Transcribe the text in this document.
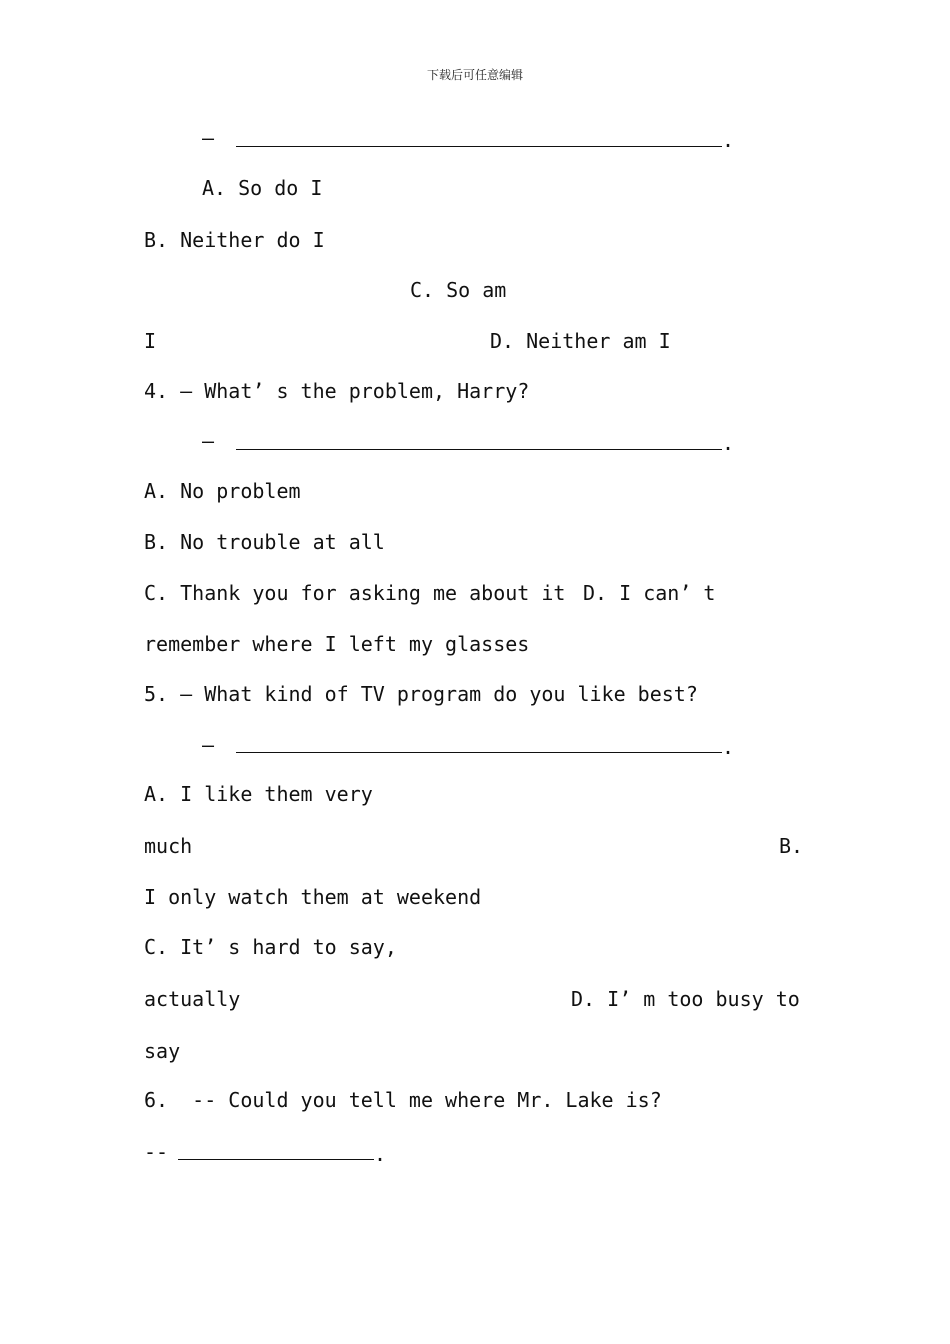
下载后可任意编辑
—	.
A. So do I
B. Neither do I
C. So am
I	D. Neither am I
4. — What’ s the problem, Harry?
—	.
A. No problem
B. No trouble at all
C. Thank you for asking me about it D. I can’ t
remember where I left my glasses
5. — What kind of TV program do you like best?
—	.
A. I like them very
much	B.
I only watch them at weekend
C. It’ s hard to say,
actually	D. I’ m too busy to
say
6.  -- Could you tell me where Mr. Lake is?
--	.
